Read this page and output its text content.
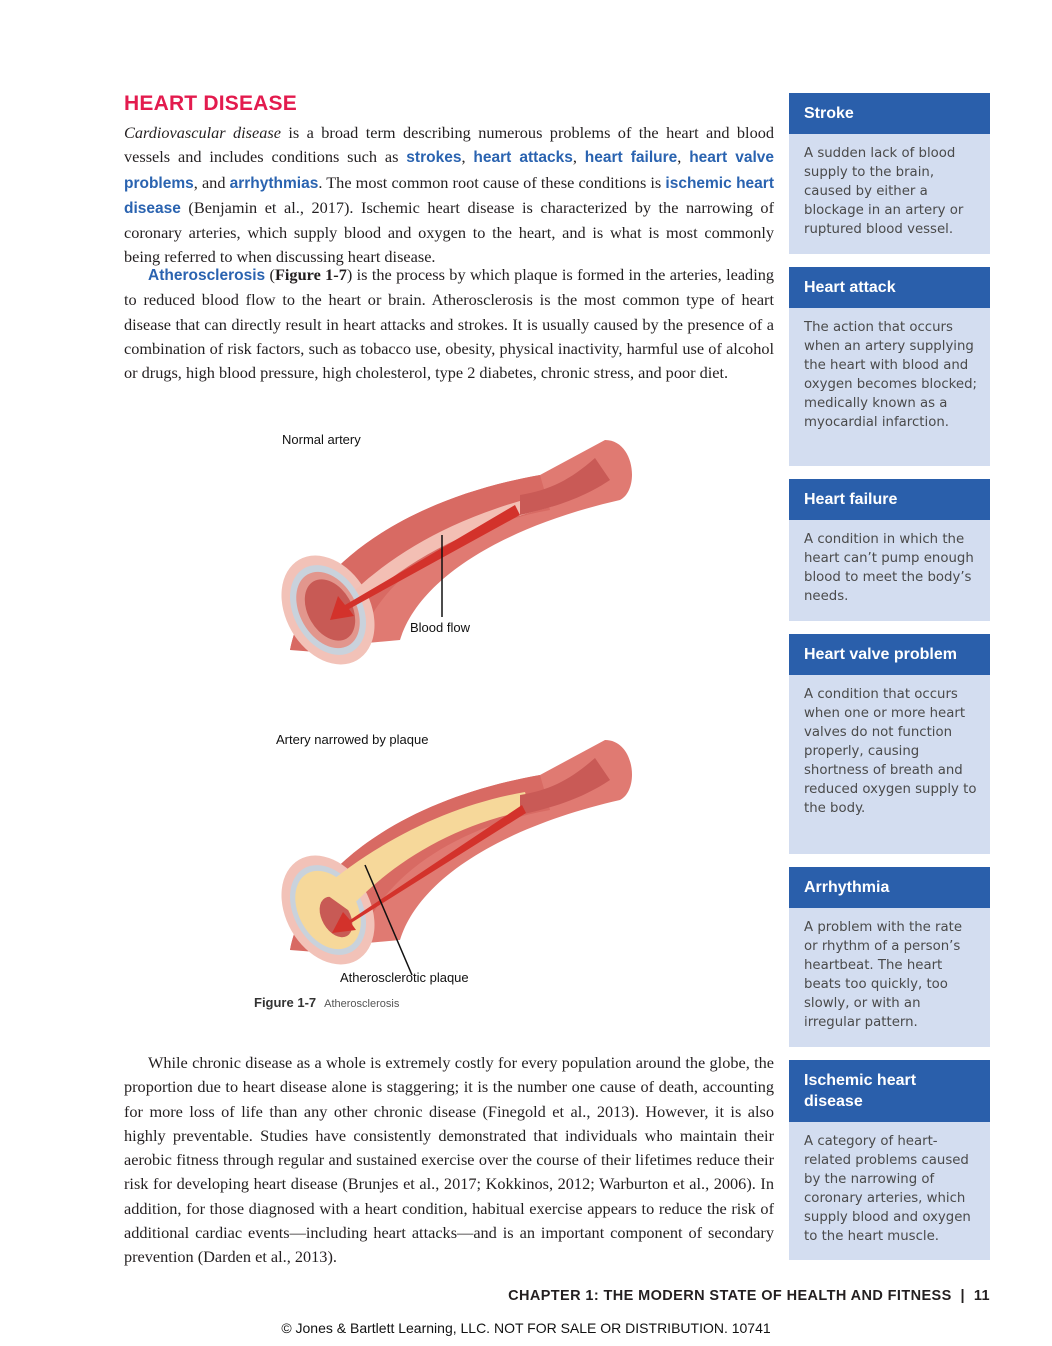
HEART DISEASE

Cardiovascular disease is a broad term describing numerous problems of the heart and blood vessels and includes conditions such as strokes, heart attacks, heart failure, heart valve problems, and arrhythmias. The most common root cause of these conditions is ischemic heart disease (Benjamin et al., 2017). Ischemic heart disease is characterized by the narrowing of coronary arteries, which supply blood and oxygen to the heart, and is what is most commonly being referred to when discussing heart disease.

Atherosclerosis (Figure 1-7) is the process by which plaque is formed in the arteries, leading to reduced blood flow to the heart or brain. Atherosclerosis is the most common type of heart disease that can directly result in heart attacks and strokes. It is usually caused by the presence of a combination of risk factors, such as tobacco use, obesity, physical inactivity, harmful use of alcohol or drugs, high blood pressure, high cholesterol, type 2 diabetes, chronic stress, and poor diet.

Normal artery
Blood flow
Artery narrowed by plaque
Atherosclerotic plaque
Figure 1-7 Atherosclerosis

While chronic disease as a whole is extremely costly for every population around the globe, the proportion due to heart disease alone is staggering; it is the number one cause of death, accounting for more loss of life than any other chronic disease (Finegold et al., 2013). However, it is also highly preventable. Studies have consistently demonstrated that individuals who maintain their aerobic fitness through regular and sustained exercise over the course of their lifetimes reduce their risk for developing heart disease (Brunjes et al., 2017; Kokkinos, 2012; Warburton et al., 2006). In addition, for those diagnosed with a heart condition, habitual exercise appears to reduce the risk of additional cardiac events—including heart attacks—and is an important component of secondary prevention (Darden et al., 2013).

Stroke
A sudden lack of blood supply to the brain, caused by either a blockage in an artery or ruptured blood vessel.
Heart attack
The action that occurs when an artery supplying the heart with blood and oxygen becomes blocked; medically known as a myocardial infarction.
Heart failure
A condition in which the heart can’t pump enough blood to meet the body’s needs.
Heart valve problem
A condition that occurs when one or more heart valves do not function properly, causing shortness of breath and reduced oxygen supply to the body.
Arrhythmia
A problem with the rate or rhythm of a person’s heartbeat. The heart beats too quickly, too slowly, or with an irregular pattern.
Ischemic heart disease
A category of heart-related problems caused by the narrowing of coronary arteries, which supply blood and oxygen to the heart muscle.
CHAPTER 1: THE MODERN STATE OF HEALTH AND FITNESS | 11
© Jones & Bartlett Learning, LLC. NOT FOR SALE OR DISTRIBUTION. 10741
